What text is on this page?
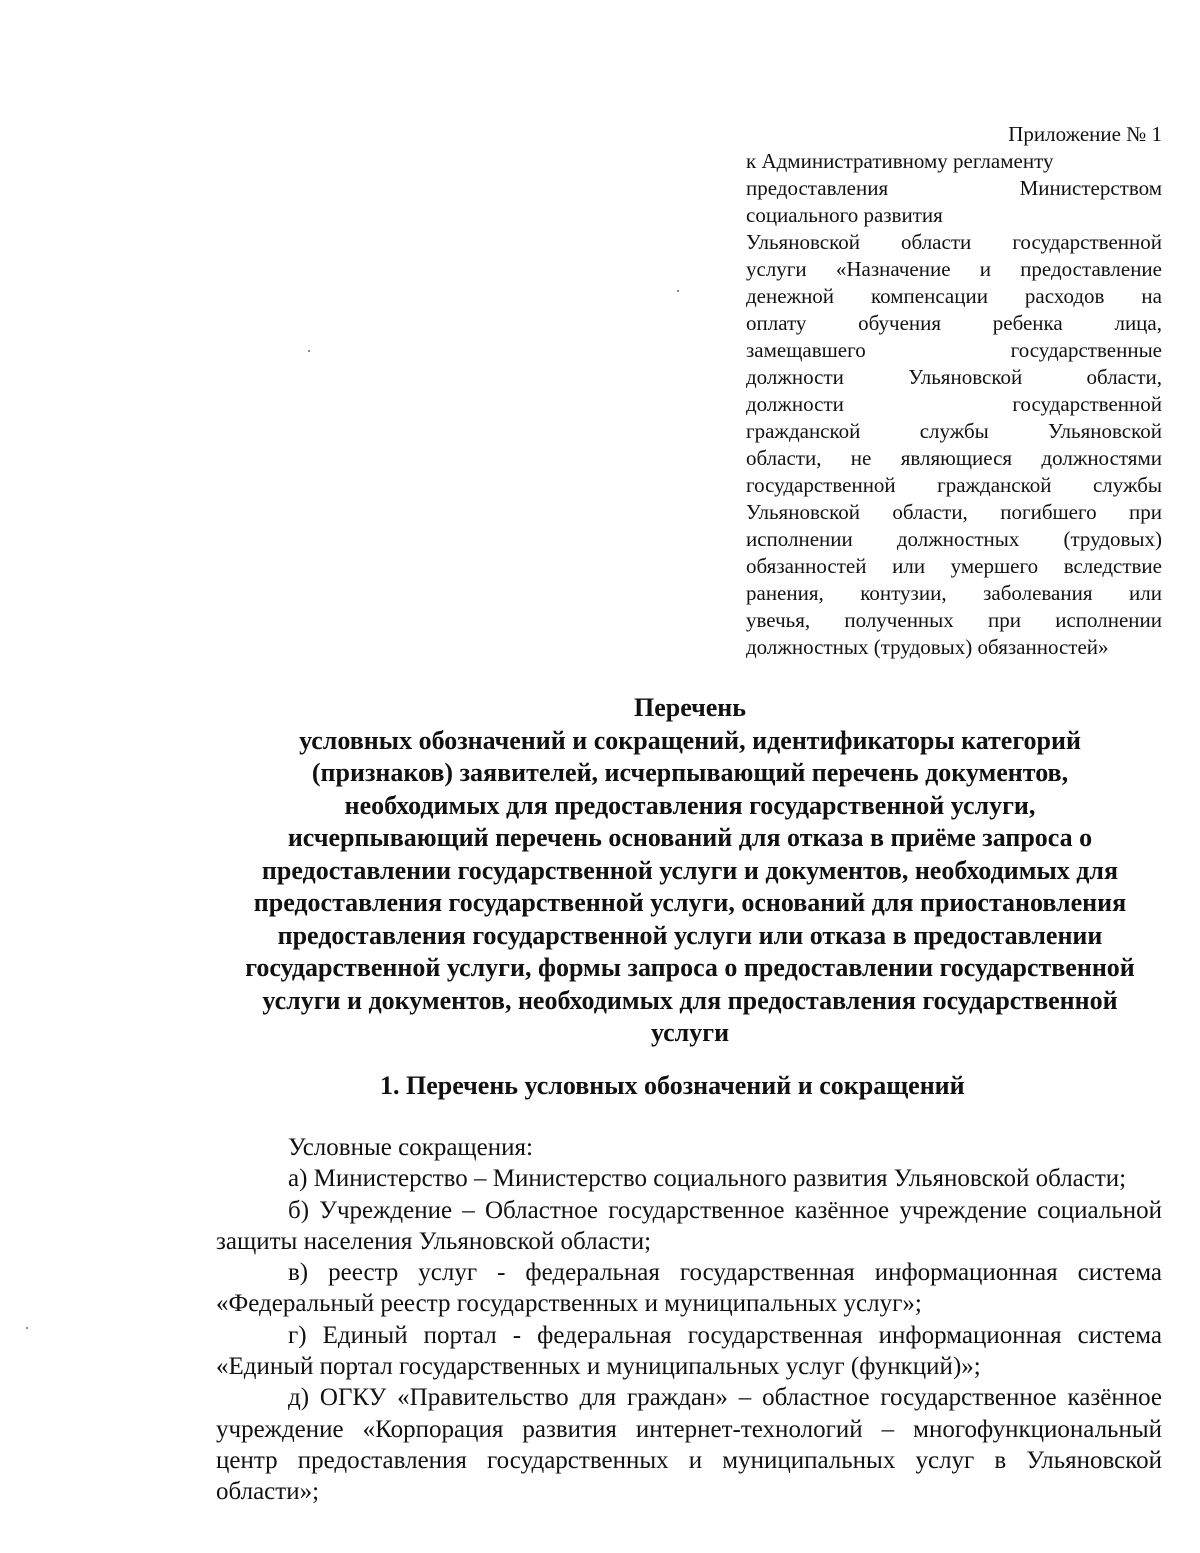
Приложение № 1
к Административному регламенту
предоставления Министерством
социального развития
Ульяновской области государственной
услуги «Назначение и предоставление
денежной компенсации расходов на
оплату обучения ребенка лица,
замещавшего государственные
должности Ульяновской области,
должности государственной
гражданской службы Ульяновской
области, не являющиеся должностями
государственной гражданской службы
Ульяновской области, погибшего при
исполнении должностных (трудовых)
обязанностей или умершего вследствие
ранения, контузии, заболевания или
увечья, полученных при исполнении
должностных (трудовых) обязанностей»
Перечень
условных обозначений и сокращений, идентификаторы категорий
(признаков) заявителей, исчерпывающий перечень документов,
необходимых для предоставления государственной услуги,
исчерпывающий перечень оснований для отказа в приёме запроса о
предоставлении государственной услуги и документов, необходимых для
предоставления государственной услуги, оснований для приостановления
предоставления государственной услуги или отказа в предоставлении
государственной услуги, формы запроса о предоставлении государственной
услуги и документов, необходимых для предоставления государственной
услуги
1. Перечень условных обозначений и сокращений
Условные сокращения:
а) Министерство – Министерство социального развития Ульяновской области;
б) Учреждение – Областное государственное казённое учреждение социальной защиты населения Ульяновской области;
в) реестр услуг - федеральная государственная информационная система «Федеральный реестр государственных и муниципальных услуг»;
г) Единый портал - федеральная государственная информационная система «Единый портал государственных и муниципальных услуг (функций)»;
д) ОГКУ «Правительство для граждан» – областное государственное казённое учреждение «Корпорация развития интернет-технологий – многофункциональный центр предоставления государственных и муниципальных услуг в Ульяновской области»;
